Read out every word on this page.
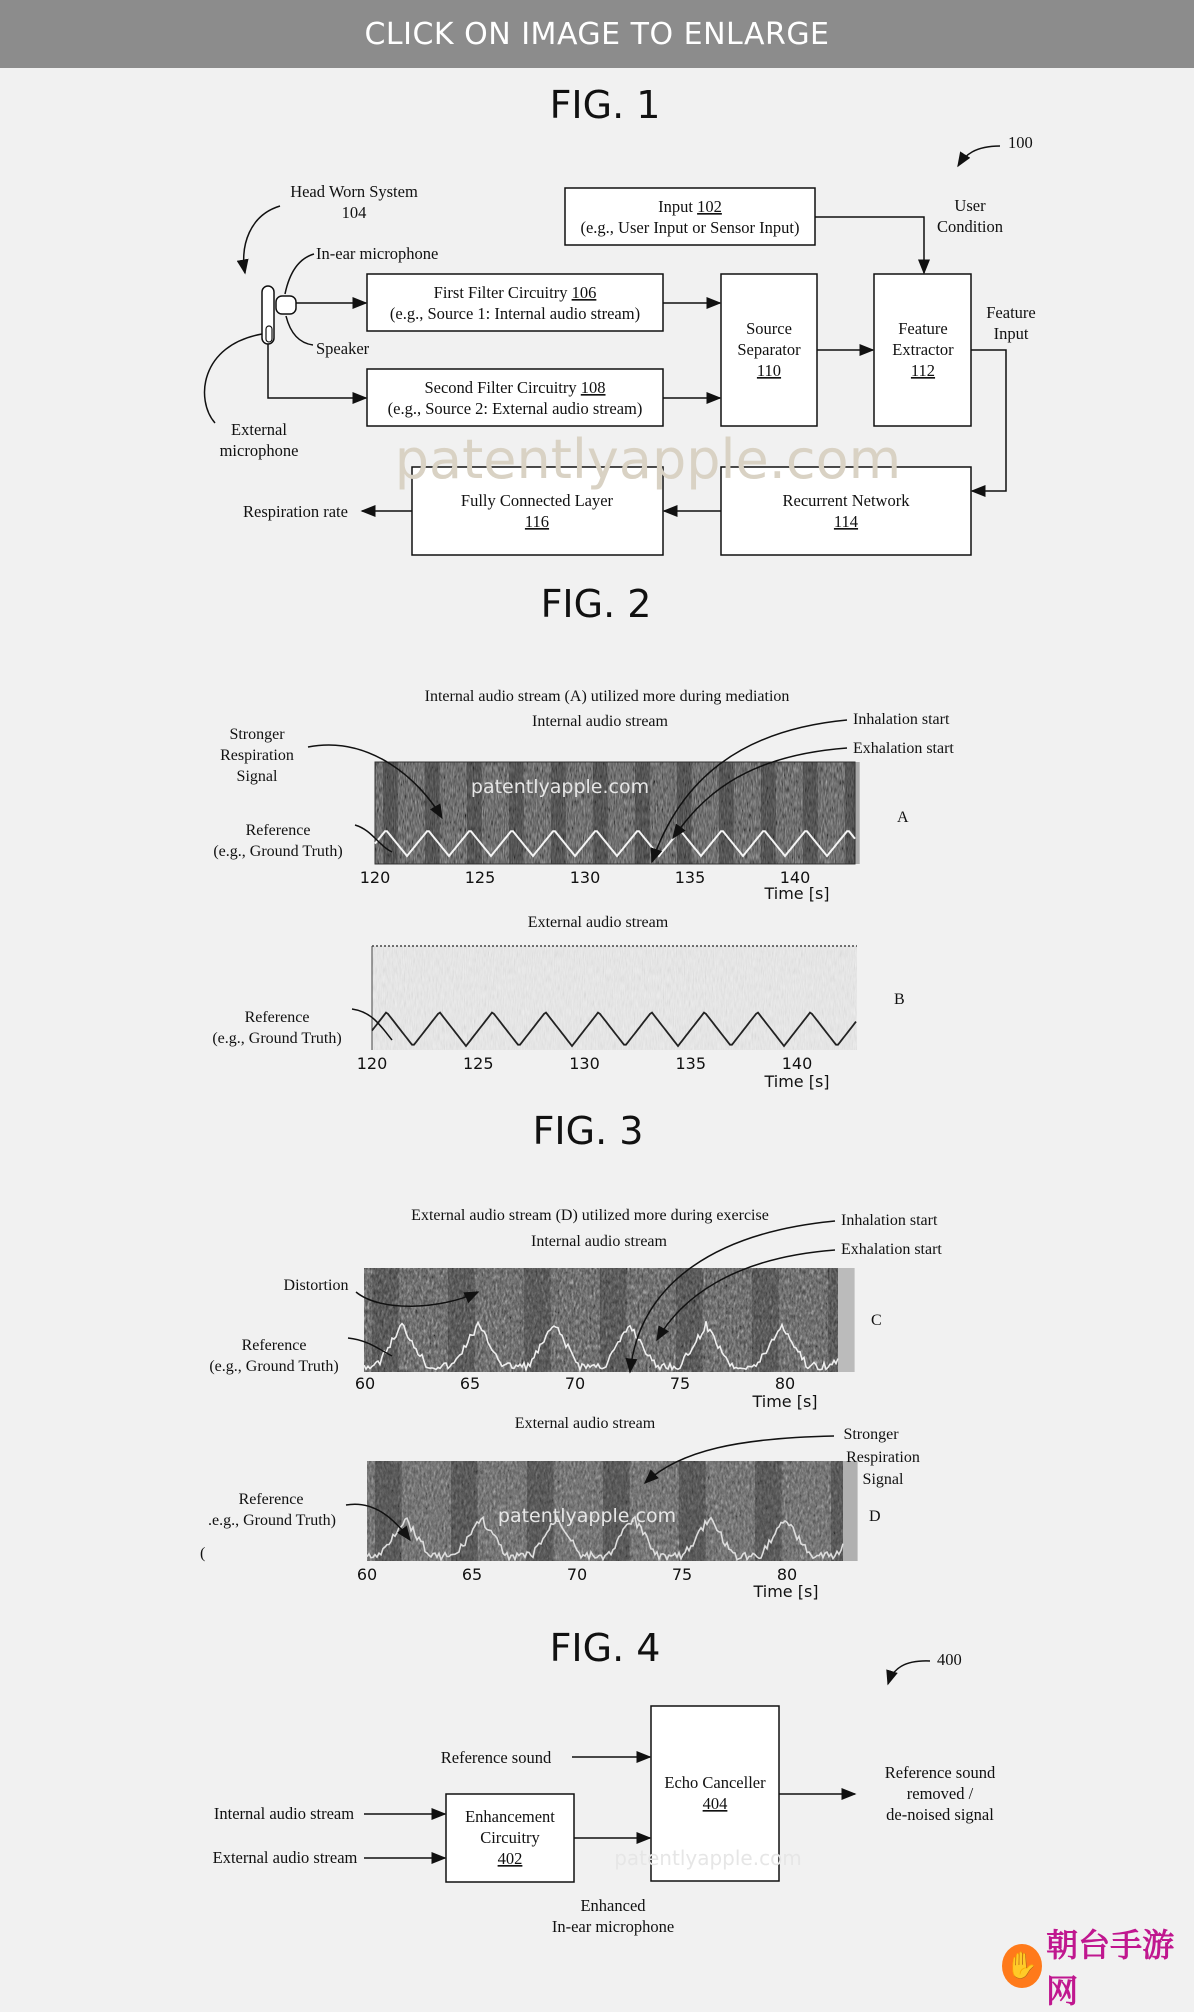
CLICK ON IMAGE TO ENLARGE
FIG. 1
100
Head Worn System
104
In-ear microphone
Speaker
External
microphone
Input 102
(e.g., User Input or Sensor Input)
User
Condition
First Filter Circuitry 106
(e.g., Source 1: Internal audio stream)
Second Filter Circuitry 108
(e.g., Source 2: External audio stream)
Source
Separator
110
Feature
Extractor
112
Feature
Input
Recurrent Network
114
Fully Connected Layer
116
Respiration rate
patentlyapple.com
FIG. 2
Internal audio stream (A) utilized more during mediation
Internal audio stream
patentlyapple.com
120	125	130	135	140
Time [s]
A
Stronger
Respiration
Signal
Reference
(e.g., Ground Truth)
Inhalation start
Exhalation start
External audio stream
120	125	130	135	140
Time [s]
B
Reference
(e.g., Ground Truth)
FIG. 3
External audio stream (D) utilized more during exercise
Internal audio stream
60	65	70	75	80
Time [s]
C
Distortion
Reference
(e.g., Ground Truth)
Inhalation start
Exhalation start
External audio stream
patentlyapple.com
60	65	70	75	80
Time [s]
D
Stronger
Respiration
Signal
Reference
.e.g., Ground Truth)
(
FIG. 4	400
Echo Canceller
404
Enhancement
Circuitry
402
Reference sound
Internal audio stream
External audio stream
Reference sound
removed /
de-noised signal
Enhanced
In-ear microphone
patentlyapple.com
✋
朝台手游网
